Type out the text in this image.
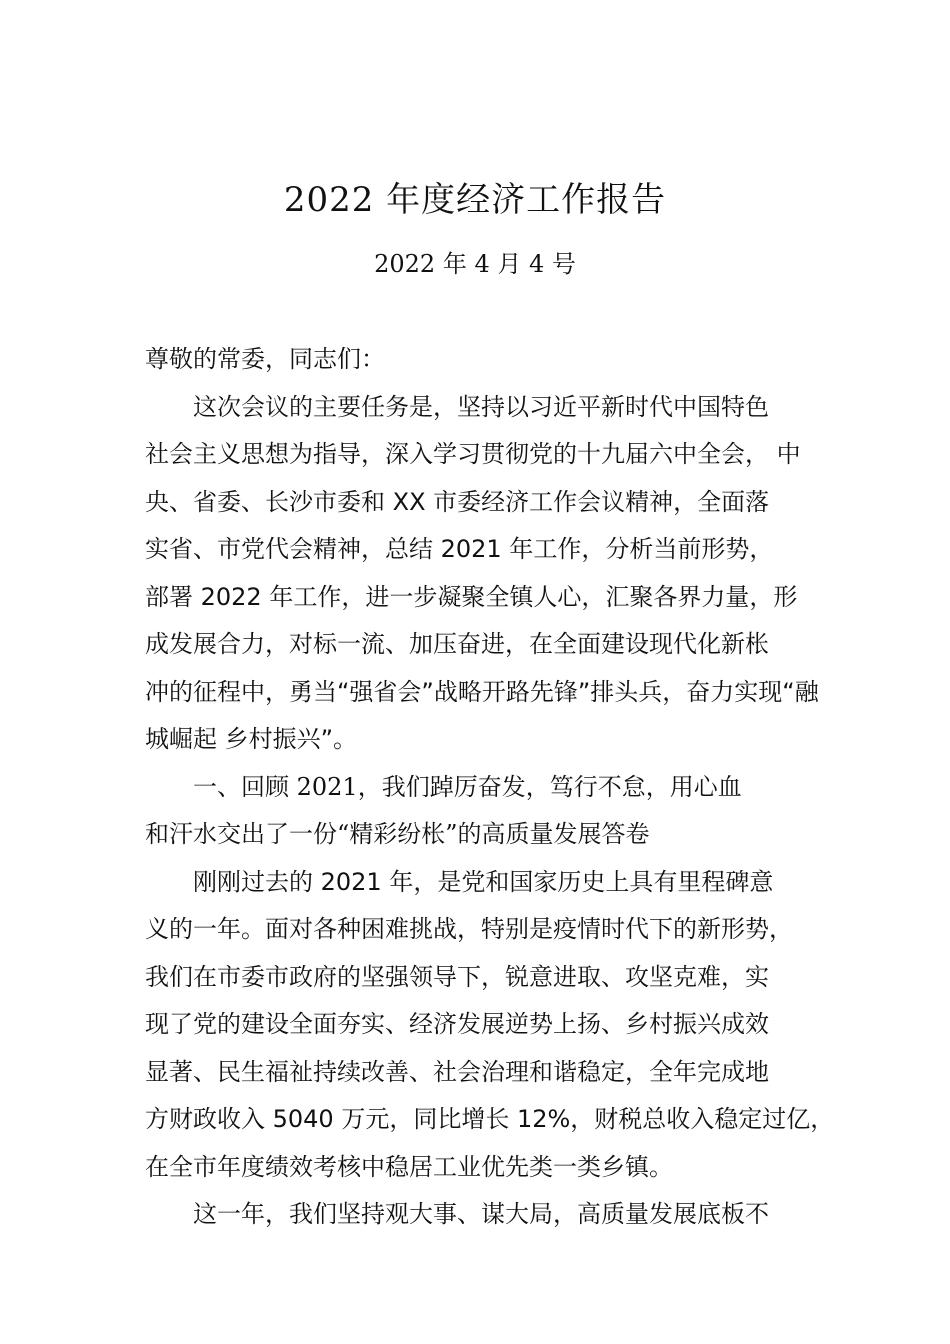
2022 年度经济工作报告
2022 年 4 月 4 号
尊敬的常委，同志们：
这次会议的主要任务是，坚持以习近平新时代中国特色
社会主义思想为指导，深入学习贯彻党的十九届六中全会， 中
央、省委、长沙市委和 XX 市委经济工作会议精神，全面落
实省、市党代会精神，总结 2021 年工作，分析当前形势，
部署 2022 年工作，进一步凝聚全镇人心，汇聚各界力量，形
成发展合力，对标一流、加压奋进，在全面建设现代化新枨
冲的征程中，勇当“强省会”战略开路先锋”排头兵，奋力实现“融
城崛起 乡村振兴”。
一、回顾 2021，我们踔厉奋发，笃行不怠，用心血
和汗水交出了一份“精彩纷枨”的高质量发展答卷
刚刚过去的 2021 年，是党和国家历史上具有里程碑意
义的一年。面对各种困难挑战，特别是疫情时代下的新形势，
我们在市委市政府的坚强领导下，锐意进取、攻坚克难，实
现了党的建设全面夯实、经济发展逆势上扬、乡村振兴成效
显著、民生福祉持续改善、社会治理和谐稳定，全年完成地
方财政收入 5040 万元，同比增长 12%，财税总收入稳定过亿，
在全市年度绩效考核中稳居工业优先类一类乡镇。
这一年，我们坚持观大事、谋大局，高质量发展底板不
